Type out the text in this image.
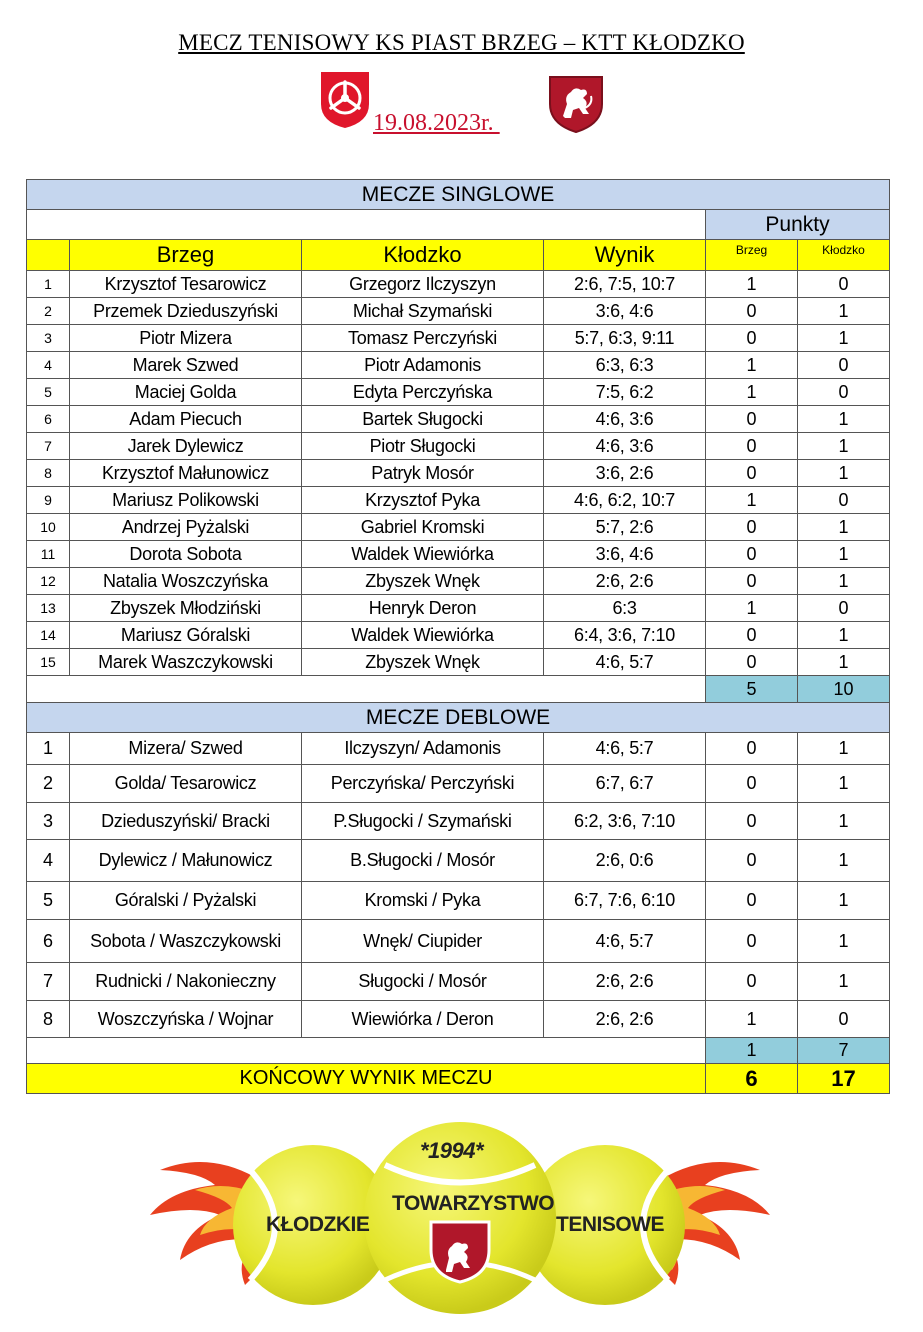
MECZ TENISOWY KS PIAST BRZEG – KTT KŁODZKO
19.08.2023r.
MECZE SINGLOWE					
				Punkty	
	Brzeg	Kłodzko	Wynik	Brzeg	Kłodzko
1	Krzysztof Tesarowicz	Grzegorz Ilczyszyn	2:6, 7:5, 10:7	1	0
2	Przemek Dzieduszyński	Michał Szymański	3:6, 4:6	0	1
3	Piotr Mizera	Tomasz Perczyński	5:7, 6:3, 9:11	0	1
4	Marek Szwed	Piotr Adamonis	6:3, 6:3	1	0
5	Maciej Golda	Edyta Perczyńska	7:5, 6:2	1	0
6	Adam Piecuch	Bartek Sługocki	4:6, 3:6	0	1
7	Jarek Dylewicz	Piotr Sługocki	4:6, 3:6	0	1
8	Krzysztof Małunowicz	Patryk Mosór	3:6, 2:6	0	1
9	Mariusz Polikowski	Krzysztof Pyka	4:6, 6:2, 10:7	1	0
10	Andrzej Pyżalski	Gabriel Kromski	5:7, 2:6	0	1
11	Dorota Sobota	Waldek Wiewiórka	3:6, 4:6	0	1
12	Natalia Woszczyńska	Zbyszek Wnęk	2:6, 2:6	0	1
13	Zbyszek Młodziński	Henryk Deron	6:3	1	0
14	Mariusz Góralski	Waldek Wiewiórka	6:4, 3:6, 7:10	0	1
15	Marek Waszczykowski	Zbyszek Wnęk	4:6, 5:7	0	1
				5	10
MECZE DEBLOWE					
1	Mizera/ Szwed	Ilczyszyn/ Adamonis	4:6, 5:7	0	1
2	Golda/ Tesarowicz	Perczyńska/ Perczyński	6:7, 6:7	0	1
3	Dzieduszyński/ Bracki	P.Sługocki / Szymański	6:2, 3:6, 7:10	0	1
4	Dylewicz / Małunowicz	B.Sługocki / Mosór	2:6, 0:6	0	1
5	Góralski / Pyżalski	Kromski / Pyka	6:7, 7:6, 6:10	0	1
6	Sobota / Waszczykowski	Wnęk/ Ciupider	4:6, 5:7	0	1
7	Rudnicki / Nakonieczny	Sługocki / Mosór	2:6, 2:6	0	1
8	Woszczyńska / Wojnar	Wiewiórka / Deron	2:6, 2:6	1	0
				1	7
KOŃCOWY WYNIK MECZU				6	17
*1994*
KŁODZKIE
TOWARZYSTWO
TENISOWE
